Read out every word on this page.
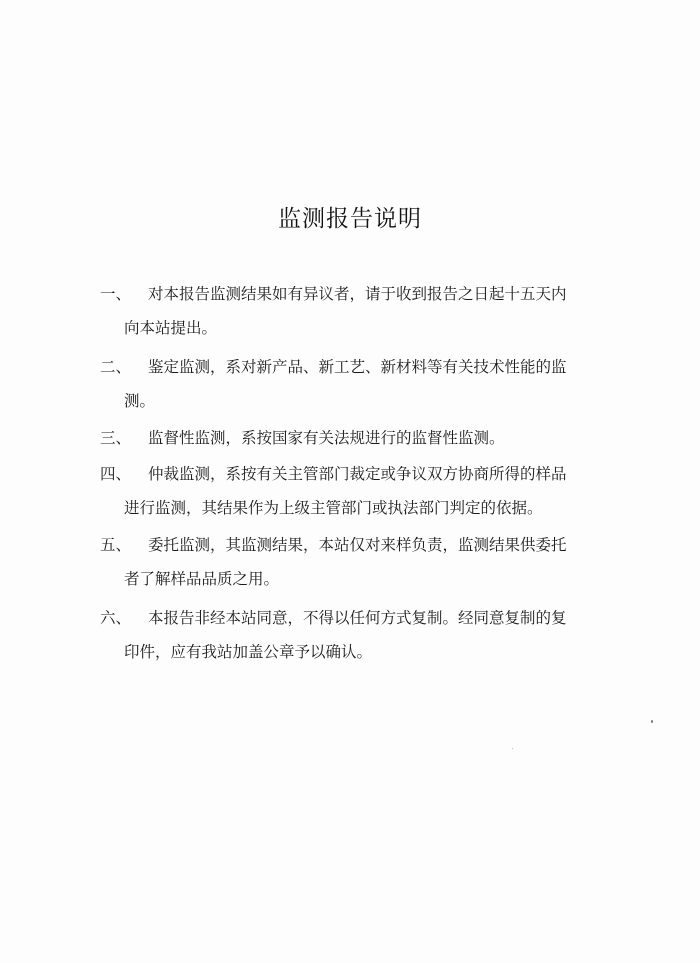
监测报告说明
一、	对本报告监测结果如有异议者，请于收到报告之日起十五天内
向本站提出。
二、	鉴定监测，系对新产品、新工艺、新材料等有关技术性能的监
测。
三、	监督性监测，系按国家有关法规进行的监督性监测。
四、	仲裁监测，系按有关主管部门裁定或争议双方协商所得的样品
进行监测，其结果作为上级主管部门或执法部门判定的依据。
五、	委托监测，其监测结果，本站仅对来样负责，监测结果供委托
者了解样品品质之用。
六、	本报告非经本站同意，不得以任何方式复制。经同意复制的复
印件，应有我站加盖公章予以确认。
